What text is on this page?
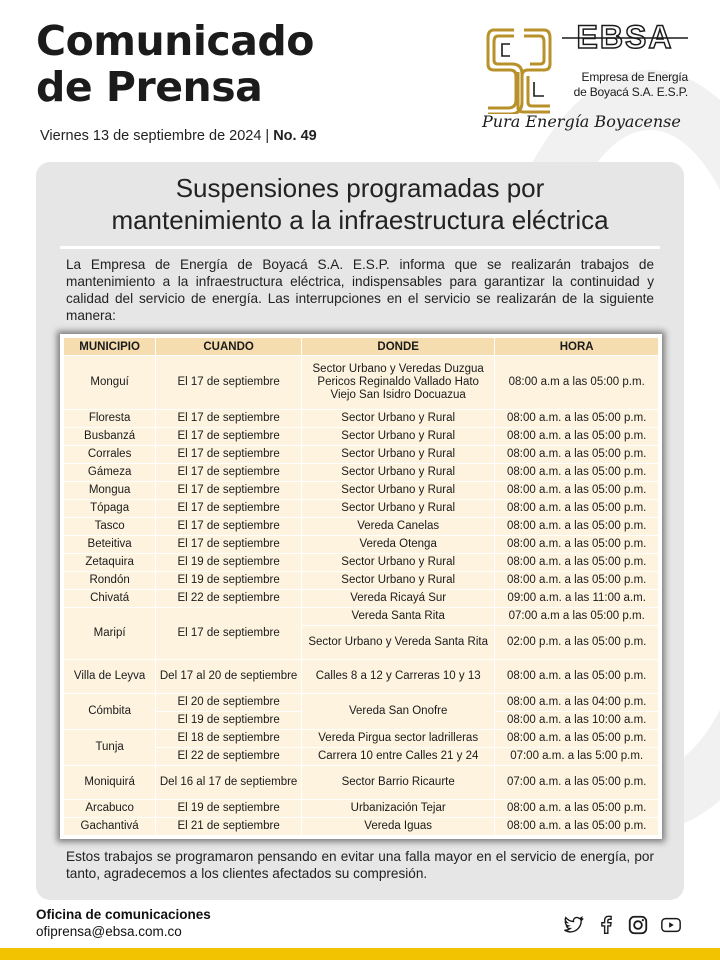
Comunicado
de Prensa
Viernes 13 de septiembre de 2024 | No. 49
EBSA
Empresa de Energía
de Boyacá S.A. E.S.P.
Pura Energía Boyacense
Suspensiones programadas por
mantenimiento a la infraestructura eléctrica

La Empresa de Energía de Boyacá S.A. E.S.P. informa que se realizarán trabajos de mantenimiento a la infraestructura eléctrica, indispensables para garantizar la continuidad y calidad del servicio de energía. Las interrupciones en el servicio se realizarán de la siguiente manera:

MUNICIPIO	CUANDO	DONDE	HORA
Monguí	El 17 de septiembre	Sector Urbano y Veredas Duzgua Pericos Reginaldo Vallado Hato Viejo San Isidro Docuazua	08:00 a.m a las 05:00 p.m.
Floresta	El 17 de septiembre	Sector Urbano y Rural	08:00 a.m. a las 05:00 p.m.
Busbanzá	El 17 de septiembre	Sector Urbano y Rural	08:00 a.m. a las 05:00 p.m.
Corrales	El 17 de septiembre	Sector Urbano y Rural	08:00 a.m. a las 05:00 p.m.
Gámeza	El 17 de septiembre	Sector Urbano y Rural	08:00 a.m. a las 05:00 p.m.
Mongua	El 17 de septiembre	Sector Urbano y Rural	08:00 a.m. a las 05:00 p.m.
Tópaga	El 17 de septiembre	Sector Urbano y Rural	08:00 a.m. a las 05:00 p.m.
Tasco	El 17 de septiembre	Vereda Canelas	08:00 a.m. a las 05:00 p.m.
Beteitiva	El 17 de septiembre	Vereda Otenga	08:00 a.m. a las 05:00 p.m.
Zetaquira	El 19 de septiembre	Sector Urbano y Rural	08:00 a.m. a las 05:00 p.m.
Rondón	El 19 de septiembre	Sector Urbano y Rural	08:00 a.m. a las 05:00 p.m.
Chivatá	El 22 de septiembre	Vereda Ricayá Sur	09:00 a.m. a las 11:00 a.m.
Maripí	El 17 de septiembre	Vereda Santa Rita	07:00 a.m a las 05:00 p.m.
		Sector Urbano y Vereda Santa Rita	02:00 p.m. a las 05:00 p.m.
Villa de Leyva	Del 17 al 20 de septiembre	Calles 8 a 12 y Carreras 10 y 13	08:00 a.m. a las 05:00 p.m.
Cómbita	El 20 de septiembre	Vereda San Onofre	08:00 a.m. a las 04:00 p.m.
	El 19 de septiembre		08:00 a.m. a las 10:00 a.m.
Tunja	El 18 de septiembre	Vereda Pirgua sector ladrilleras	08:00 a.m. a las 05:00 p.m.
	El 22 de septiembre	Carrera 10 entre Calles 21 y 24	07:00 a.m. a las 5:00 p.m.
Moniquirá	Del 16 al 17 de septiembre	Sector Barrio Ricaurte	07:00 a.m. a las 05:00 p.m.
Arcabuco	El 19 de septiembre	Urbanización Tejar	08:00 a.m. a las 05:00 p.m.
Gachantivá	El 21 de septiembre	Vereda Iguas	08:00 a.m. a las 05:00 p.m.

Estos trabajos se programaron pensando en evitar una falla mayor en el servicio de energía, por tanto, agradecemos a los clientes afectados su compresión.

Oficina de comunicaciones
ofiprensa@ebsa.com.co
